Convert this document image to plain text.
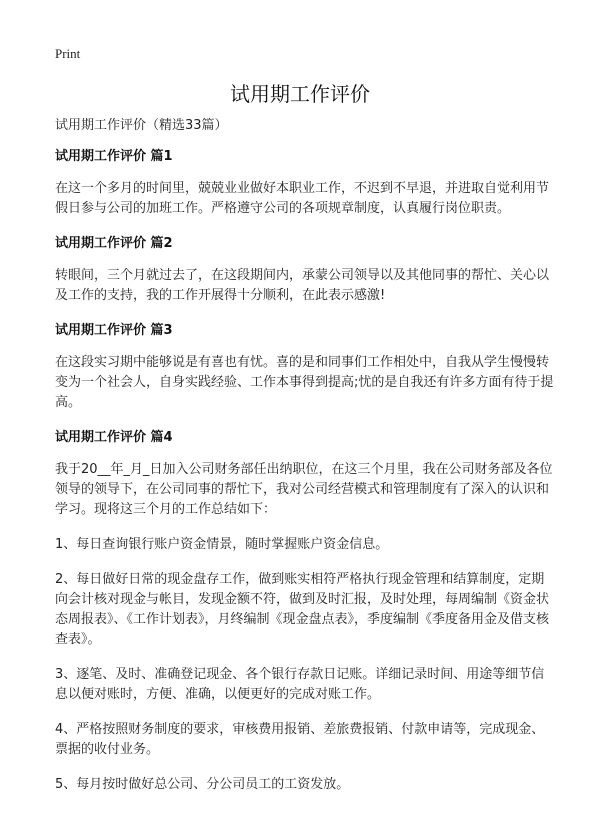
Print
试用期工作评价

试用期工作评价（精选33篇）

试用期工作评价 篇1

在这一个多月的时间里，兢兢业业做好本职业工作，不迟到不早退，并进取自觉利用节假日参与公司的加班工作。严格遵守公司的各项规章制度，认真履行岗位职责。

试用期工作评价 篇2

转眼间，三个月就过去了，在这段期间内，承蒙公司领导以及其他同事的帮忙、关心以及工作的支持，我的工作开展得十分顺利，在此表示感激!

试用期工作评价 篇3

在这段实习期中能够说是有喜也有忧。喜的是和同事们工作相处中，自我从学生慢慢转变为一个社会人，自身实践经验、工作本事得到提高;忧的是自我还有许多方面有待于提高。

试用期工作评价 篇4

我于20__年_月_日加入公司财务部任出纳职位，在这三个月里，我在公司财务部及各位领导的领导下，在公司同事的帮忙下，我对公司经营模式和管理制度有了深入的认识和学习。现将这三个月的工作总结如下：

1、每日查询银行账户资金情景，随时掌握账户资金信息。

2、每日做好日常的现金盘存工作，做到账实相符严格执行现金管理和结算制度，定期向会计核对现金与帐目，发现金额不符，做到及时汇报，及时处理，每周编制《资金状态周报表》、《工作计划表》，月终编制《现金盘点表》，季度编制《季度备用金及借支核查表》。

3、逐笔、及时、准确登记现金、各个银行存款日记账。详细记录时间、用途等细节信息以便对账时，方便、准确，以便更好的完成对账工作。

4、严格按照财务制度的要求，审核费用报销、差旅费报销、付款申请等，完成现金、票据的收付业务。

5、每月按时做好总公司、分公司员工的工资发放。
